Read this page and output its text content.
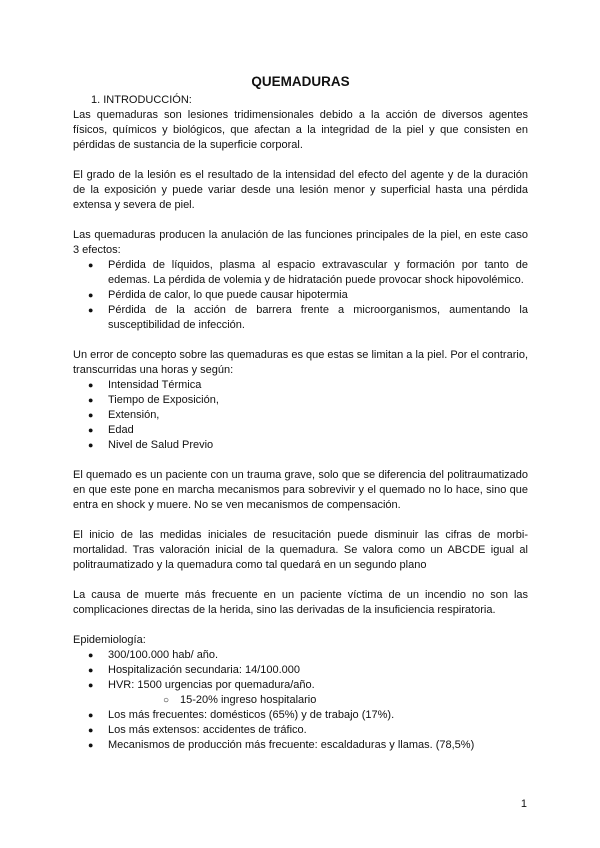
QUEMADURAS
1. INTRODUCCIÓN:

Las quemaduras son lesiones tridimensionales debido a la acción de diversos agentes físicos, químicos y biológicos, que afectan a la integridad de la piel y que consisten en pérdidas de sustancia de la superficie corporal.

El grado de la lesión es el resultado de la intensidad del efecto del agente y de la duración de la exposición y puede variar desde una lesión menor y superficial hasta una pérdida extensa y severa de piel.

Las quemaduras producen la anulación de las funciones principales de la piel, en este caso 3 efectos:

● Pérdida de líquidos, plasma al espacio extravascular y formación por tanto de edemas. La pérdida de volemia y de hidratación puede provocar shock hipovolémico.
● Pérdida de calor, lo que puede causar hipotermia
● Pérdida de la acción de barrera frente a microorganismos, aumentando la susceptibilidad de infección.

Un error de concepto sobre las quemaduras es que estas se limitan a la piel. Por el contrario, transcurridas una horas y según:

● Intensidad Térmica
● Tiempo de Exposición,
● Extensión,
● Edad
● Nivel de Salud Previo

El quemado es un paciente con un trauma grave, solo que se diferencia del politraumatizado en que este pone en marcha mecanismos para sobrevivir y el quemado no lo hace, sino que entra en shock y muere. No se ven mecanismos de compensación.

El inicio de las medidas iniciales de resucitación puede disminuir las cifras de morbi-mortalidad. Tras valoración inicial de la quemadura. Se valora como un ABCDE igual al politraumatizado y la quemadura como tal quedará en un segundo plano

La causa de muerte más frecuente en un paciente víctima de un incendio no son las complicaciones directas de la herida, sino las derivadas de la insuficiencia respiratoria.

Epidemiología:
● 300/100.000 hab/ año.
● Hospitalización secundaria: 14/100.000
● HVR: 1500 urgencias por quemadura/año.
○ 15-20% ingreso hospitalario
● Los más frecuentes: domésticos (65%) y de trabajo (17%).
● Los más extensos: accidentes de tráfico.
● Mecanismos de producción más frecuente: escaldaduras y llamas. (78,5%)
1
